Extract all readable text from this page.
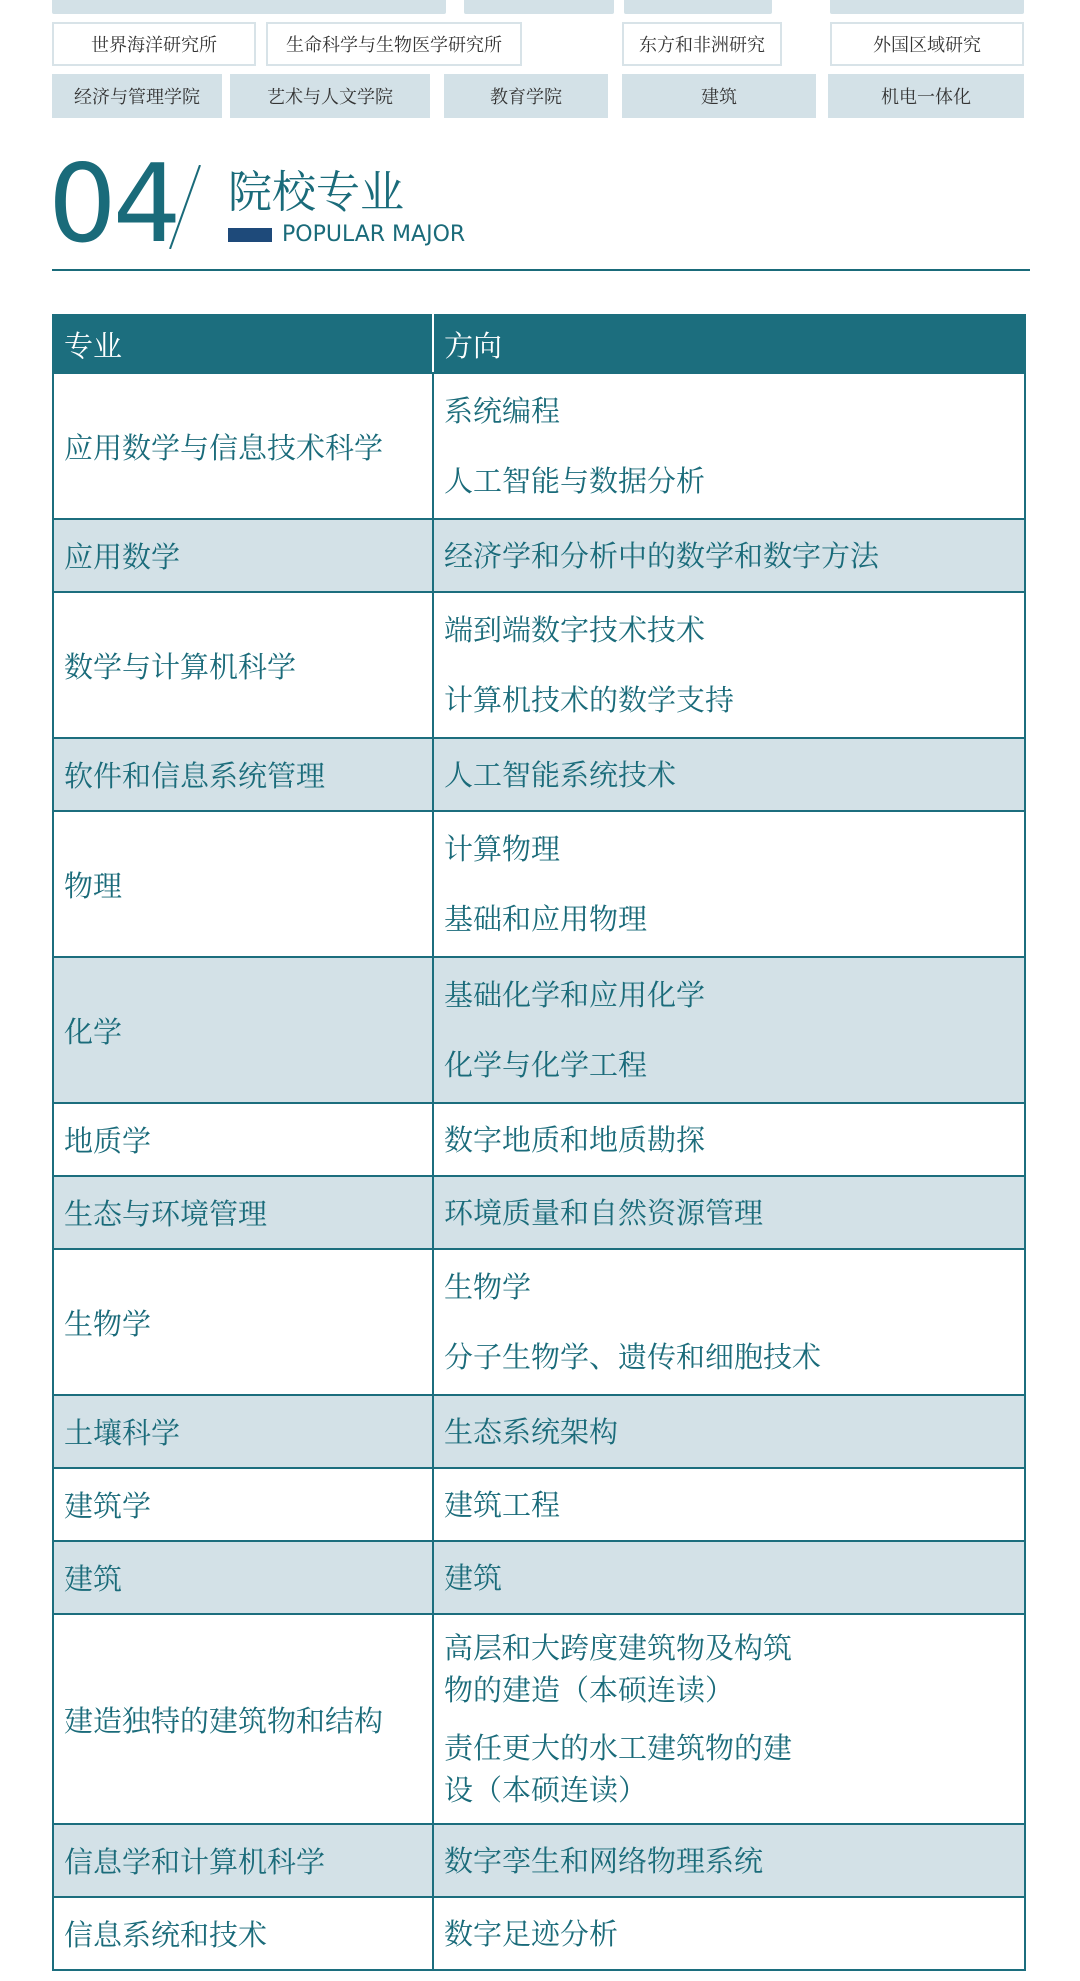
世界海洋研究所	生命科学与生物医学研究所	东方和非洲研究	外国区域研究
经济与管理学院	艺术与人文学院	教育学院	建筑	机电一体化
04 院校专业
POPULAR MAJOR
专业	方向
应用数学与信息技术科学	系统编程
人工智能与数据分析

应用数学	经济学和分析中的数学和数字方法

数学与计算机科学	端到端数字技术技术
计算机技术的数学支持

软件和信息系统管理	人工智能系统技术

物理	计算物理
基础和应用物理

化学	基础化学和应用化学
化学与化学工程

地质学	数字地质和地质勘探

生态与环境管理	环境质量和自然资源管理

生物学	生物学
分子生物学、遗传和细胞技术

土壤科学	生态系统架构

建筑学	建筑工程

建筑	建筑

建造独特的建筑物和结构	高层和大跨度建筑物及构筑物的建造（本硕连读）
责任更大的水工建筑物的建设（本硕连读）

信息学和计算机科学	数字孪生和网络物理系统

信息系统和技术	数字足迹分析
